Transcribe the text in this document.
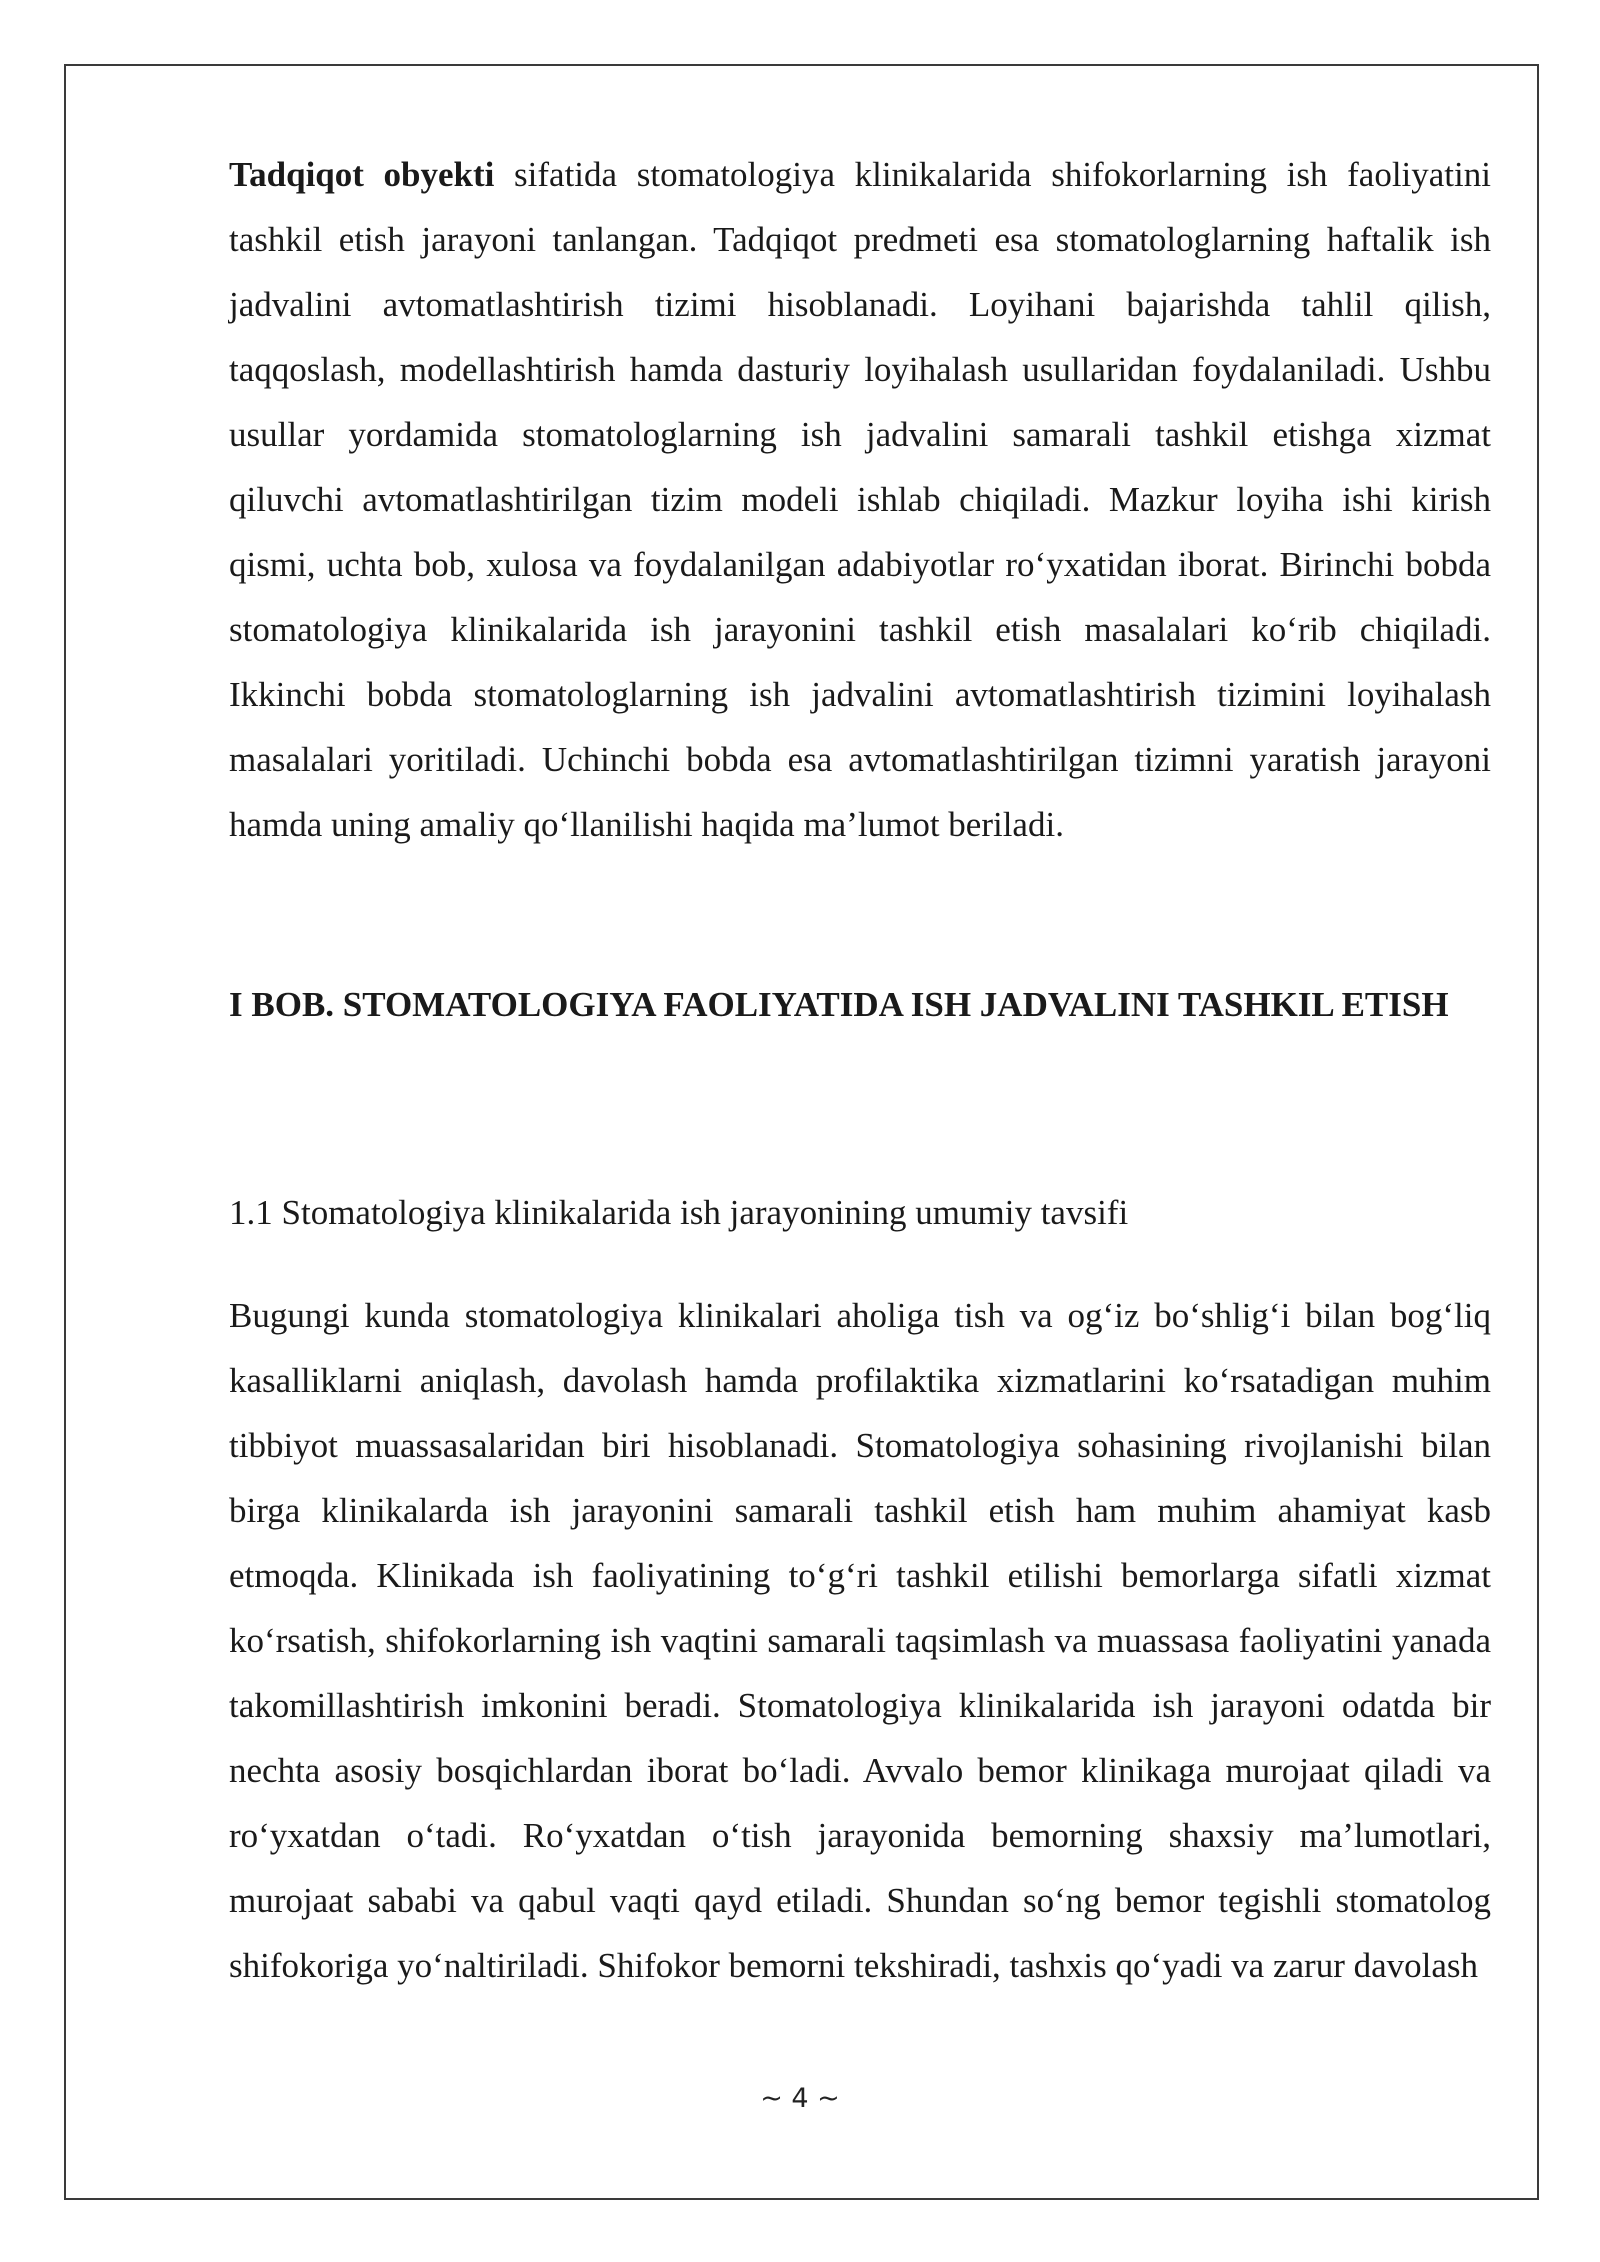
Tadqiqot obyekti sifatida stomatologiya klinikalarida shifokorlarning ish faoliyatini tashkil etish jarayoni tanlangan. Tadqiqot predmeti esa stomatologlarning haftalik ish jadvalini avtomatlashtirish tizimi hisoblanadi. Loyihani bajarishda tahlil qilish, taqqoslash, modellashtirish hamda dasturiy loyihalash usullaridan foydalaniladi. Ushbu usullar yordamida stomatologlarning ish jadvalini samarali tashkil etishga xizmat qiluvchi avtomatlashtirilgan tizim modeli ishlab chiqiladi. Mazkur loyiha ishi kirish qismi, uchta bob, xulosa va foydalanilgan adabiyotlar ro‘yxatidan iborat. Birinchi bobda stomatologiya klinikalarida ish jarayonini tashkil etish masalalari ko‘rib chiqiladi. Ikkinchi bobda stomatologlarning ish jadvalini avtomatlashtirish tizimini loyihalash masalalari yoritiladi. Uchinchi bobda esa avtomatlashtirilgan tizimni yaratish jarayoni hamda uning amaliy qo‘llanilishi haqida ma’lumot beriladi.

I BOB. STOMATOLOGIYA FAOLIYATIDA ISH JADVALINI TASHKIL ETISH
1.1 Stomatologiya klinikalarida ish jarayonining umumiy tavsifi

Bugungi kunda stomatologiya klinikalari aholiga tish va og‘iz bo‘shlig‘i bilan bog‘liq kasalliklarni aniqlash, davolash hamda profilaktika xizmatlarini ko‘rsatadigan muhim tibbiyot muassasalaridan biri hisoblanadi. Stomatologiya sohasining rivojlanishi bilan birga klinikalarda ish jarayonini samarali tashkil etish ham muhim ahamiyat kasb etmoqda. Klinikada ish faoliyatining to‘g‘ri tashkil etilishi bemorlarga sifatli xizmat ko‘rsatish, shifokorlarning ish vaqtini samarali taqsimlash va muassasa faoliyatini yanada takomillashtirish imkonini beradi. Stomatologiya klinikalarida ish jarayoni odatda bir nechta asosiy bosqichlardan iborat bo‘ladi. Avvalo bemor klinikaga murojaat qiladi va ro‘yxatdan o‘tadi. Ro‘yxatdan o‘tish jarayonida bemorning shaxsiy ma’lumotlari, murojaat sababi va qabul vaqti qayd etiladi. Shundan so‘ng bemor tegishli stomatolog shifokoriga yo‘naltiriladi. Shifokor bemorni tekshiradi, tashxis qo‘yadi va zarur davolash

~ 4 ~
